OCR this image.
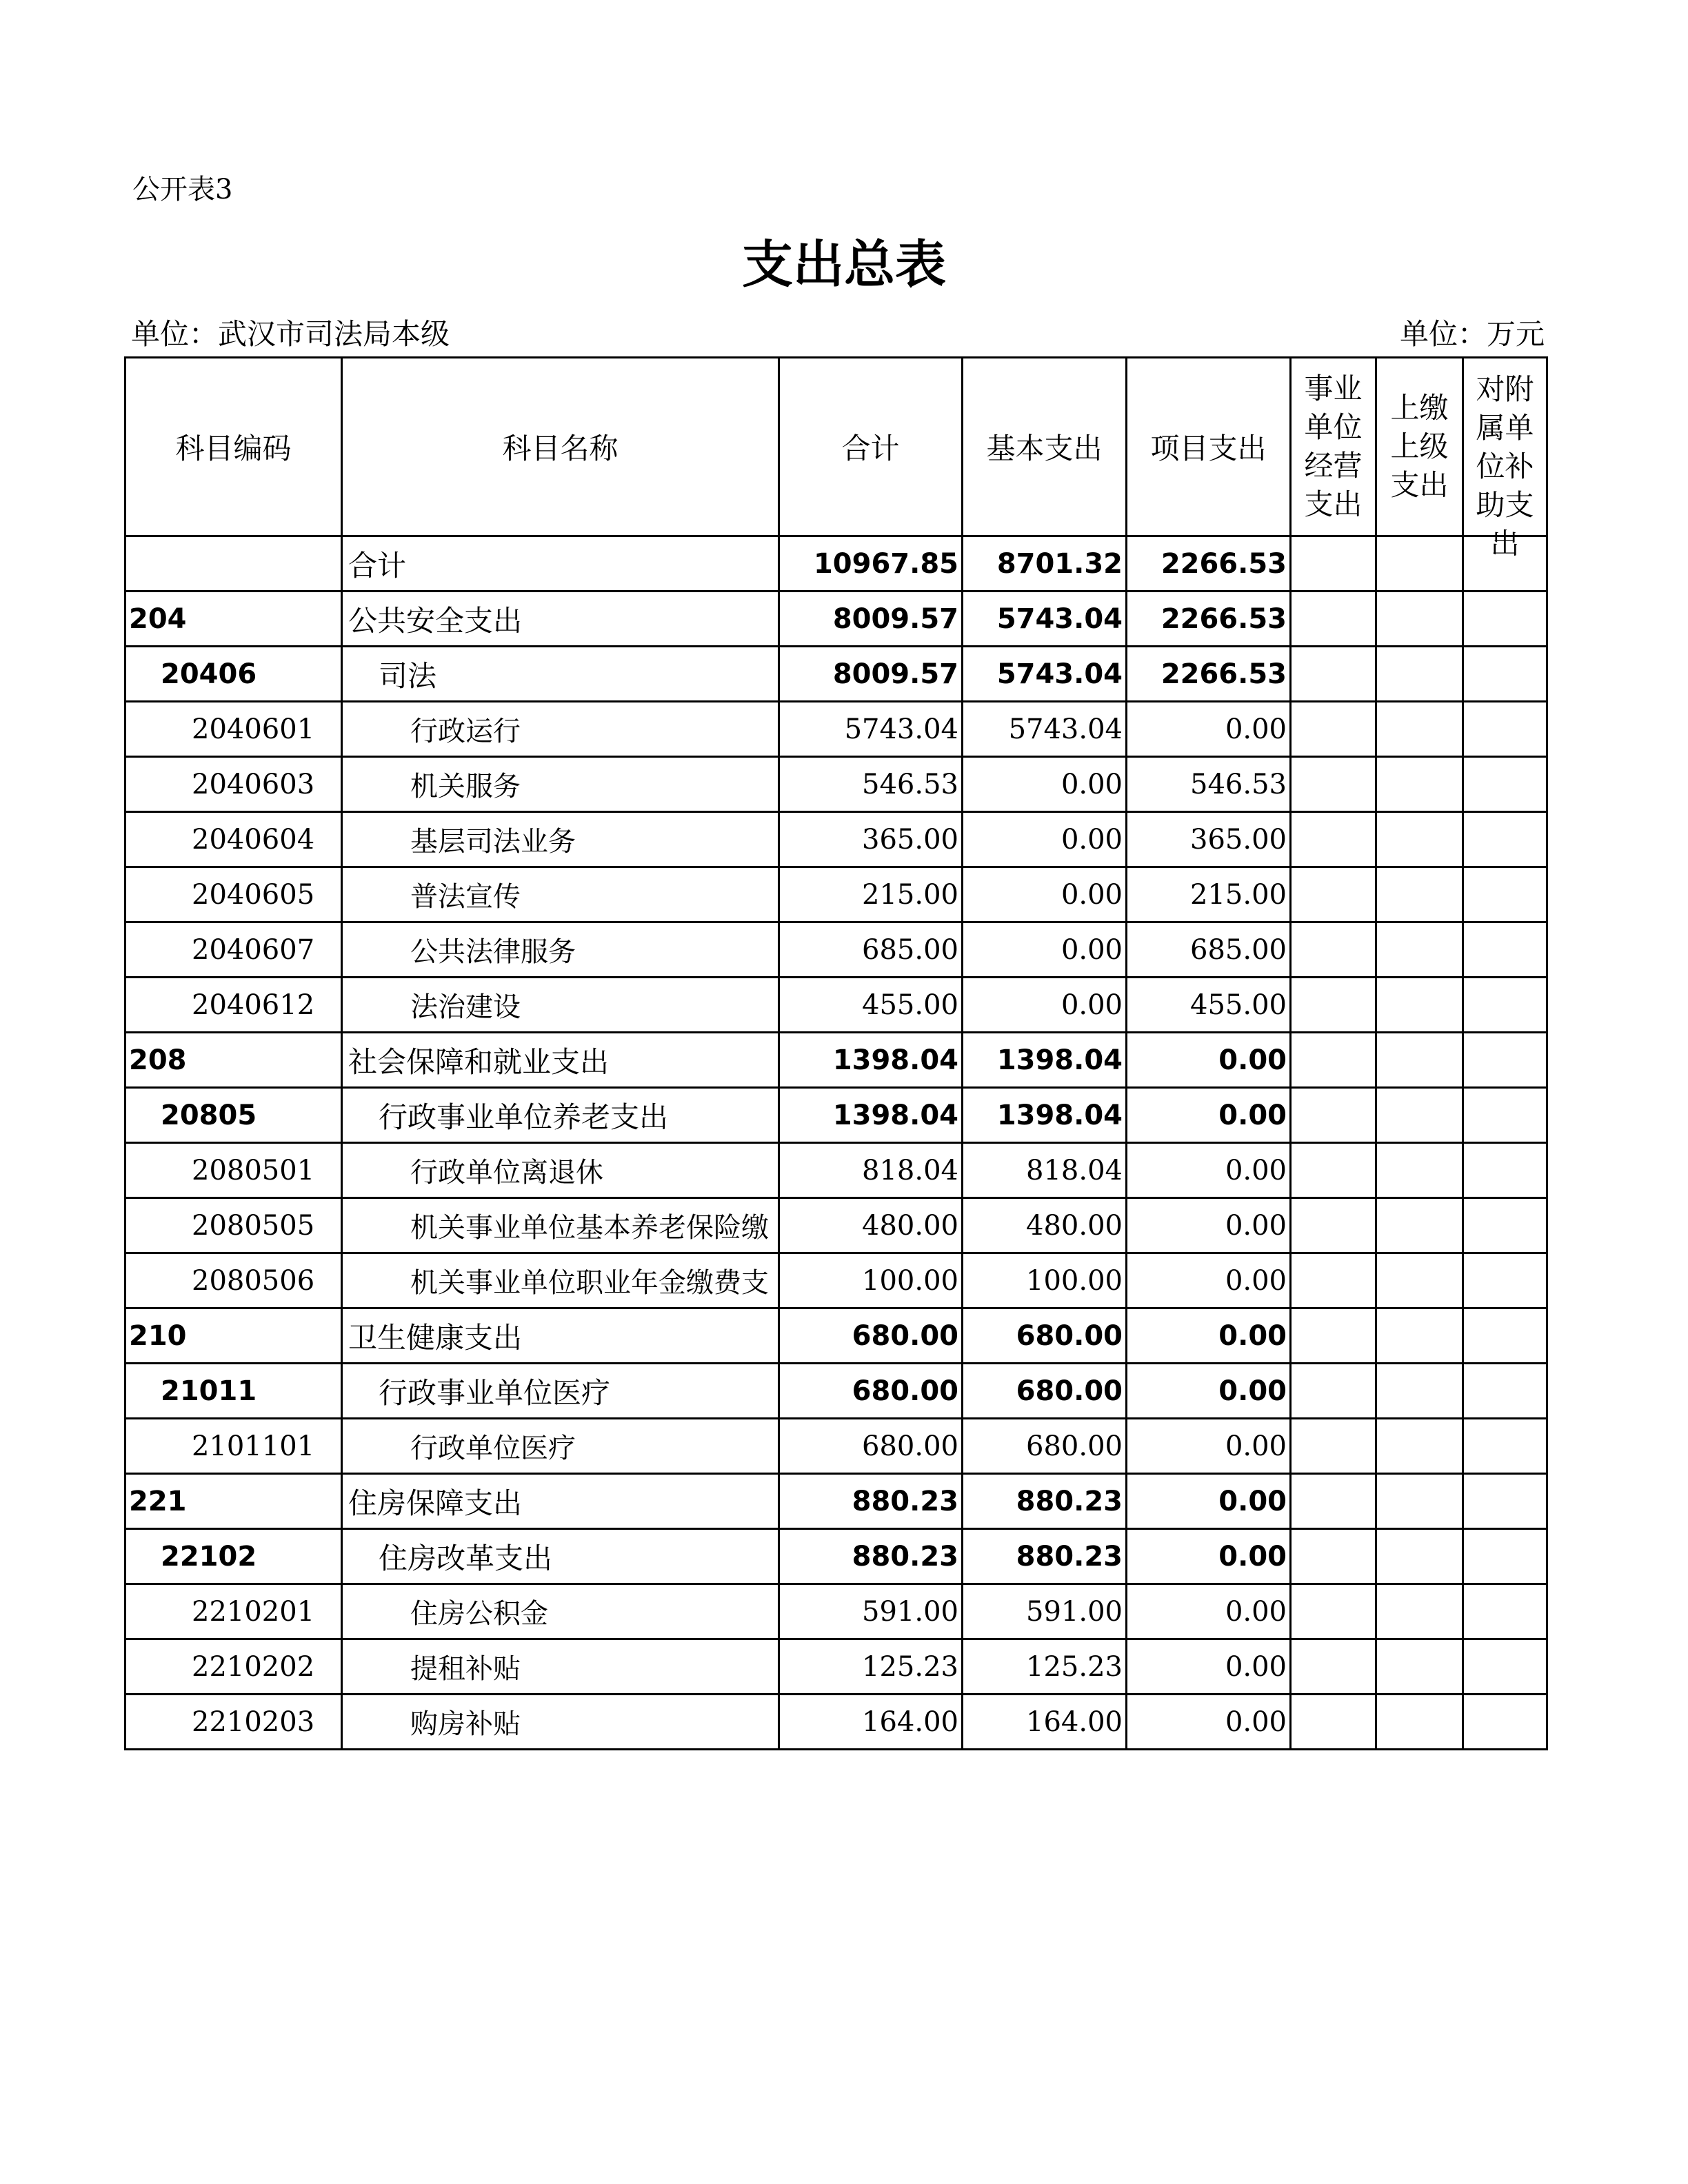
公开表3
支出总表
单位：武汉市司法局本级	单位：万元
科目编码	科目名称	合计	基本支出	项目支出	事业单位经营支出	上缴上级支出	对附属单位补助支出

	合计	10967.85	8701.32	2266.53			
204	公共安全支出	8009.57	5743.04	2266.53			
20406	司法	8009.57	5743.04	2266.53			
2040601	行政运行	5743.04	5743.04	0.00			
2040603	机关服务	546.53	0.00	546.53			
2040604	基层司法业务	365.00	0.00	365.00			
2040605	普法宣传	215.00	0.00	215.00			
2040607	公共法律服务	685.00	0.00	685.00			
2040612	法治建设	455.00	0.00	455.00			
208	社会保障和就业支出	1398.04	1398.04	0.00			
20805	行政事业单位养老支出	1398.04	1398.04	0.00			
2080501	行政单位离退休	818.04	818.04	0.00			
2080505	机关事业单位基本养老保险缴	480.00	480.00	0.00			
2080506	机关事业单位职业年金缴费支	100.00	100.00	0.00			
210	卫生健康支出	680.00	680.00	0.00			
21011	行政事业单位医疗	680.00	680.00	0.00			
2101101	行政单位医疗	680.00	680.00	0.00			
221	住房保障支出	880.23	880.23	0.00			
22102	住房改革支出	880.23	880.23	0.00			
2210201	住房公积金	591.00	591.00	0.00			
2210202	提租补贴	125.23	125.23	0.00			
2210203	购房补贴	164.00	164.00	0.00			
